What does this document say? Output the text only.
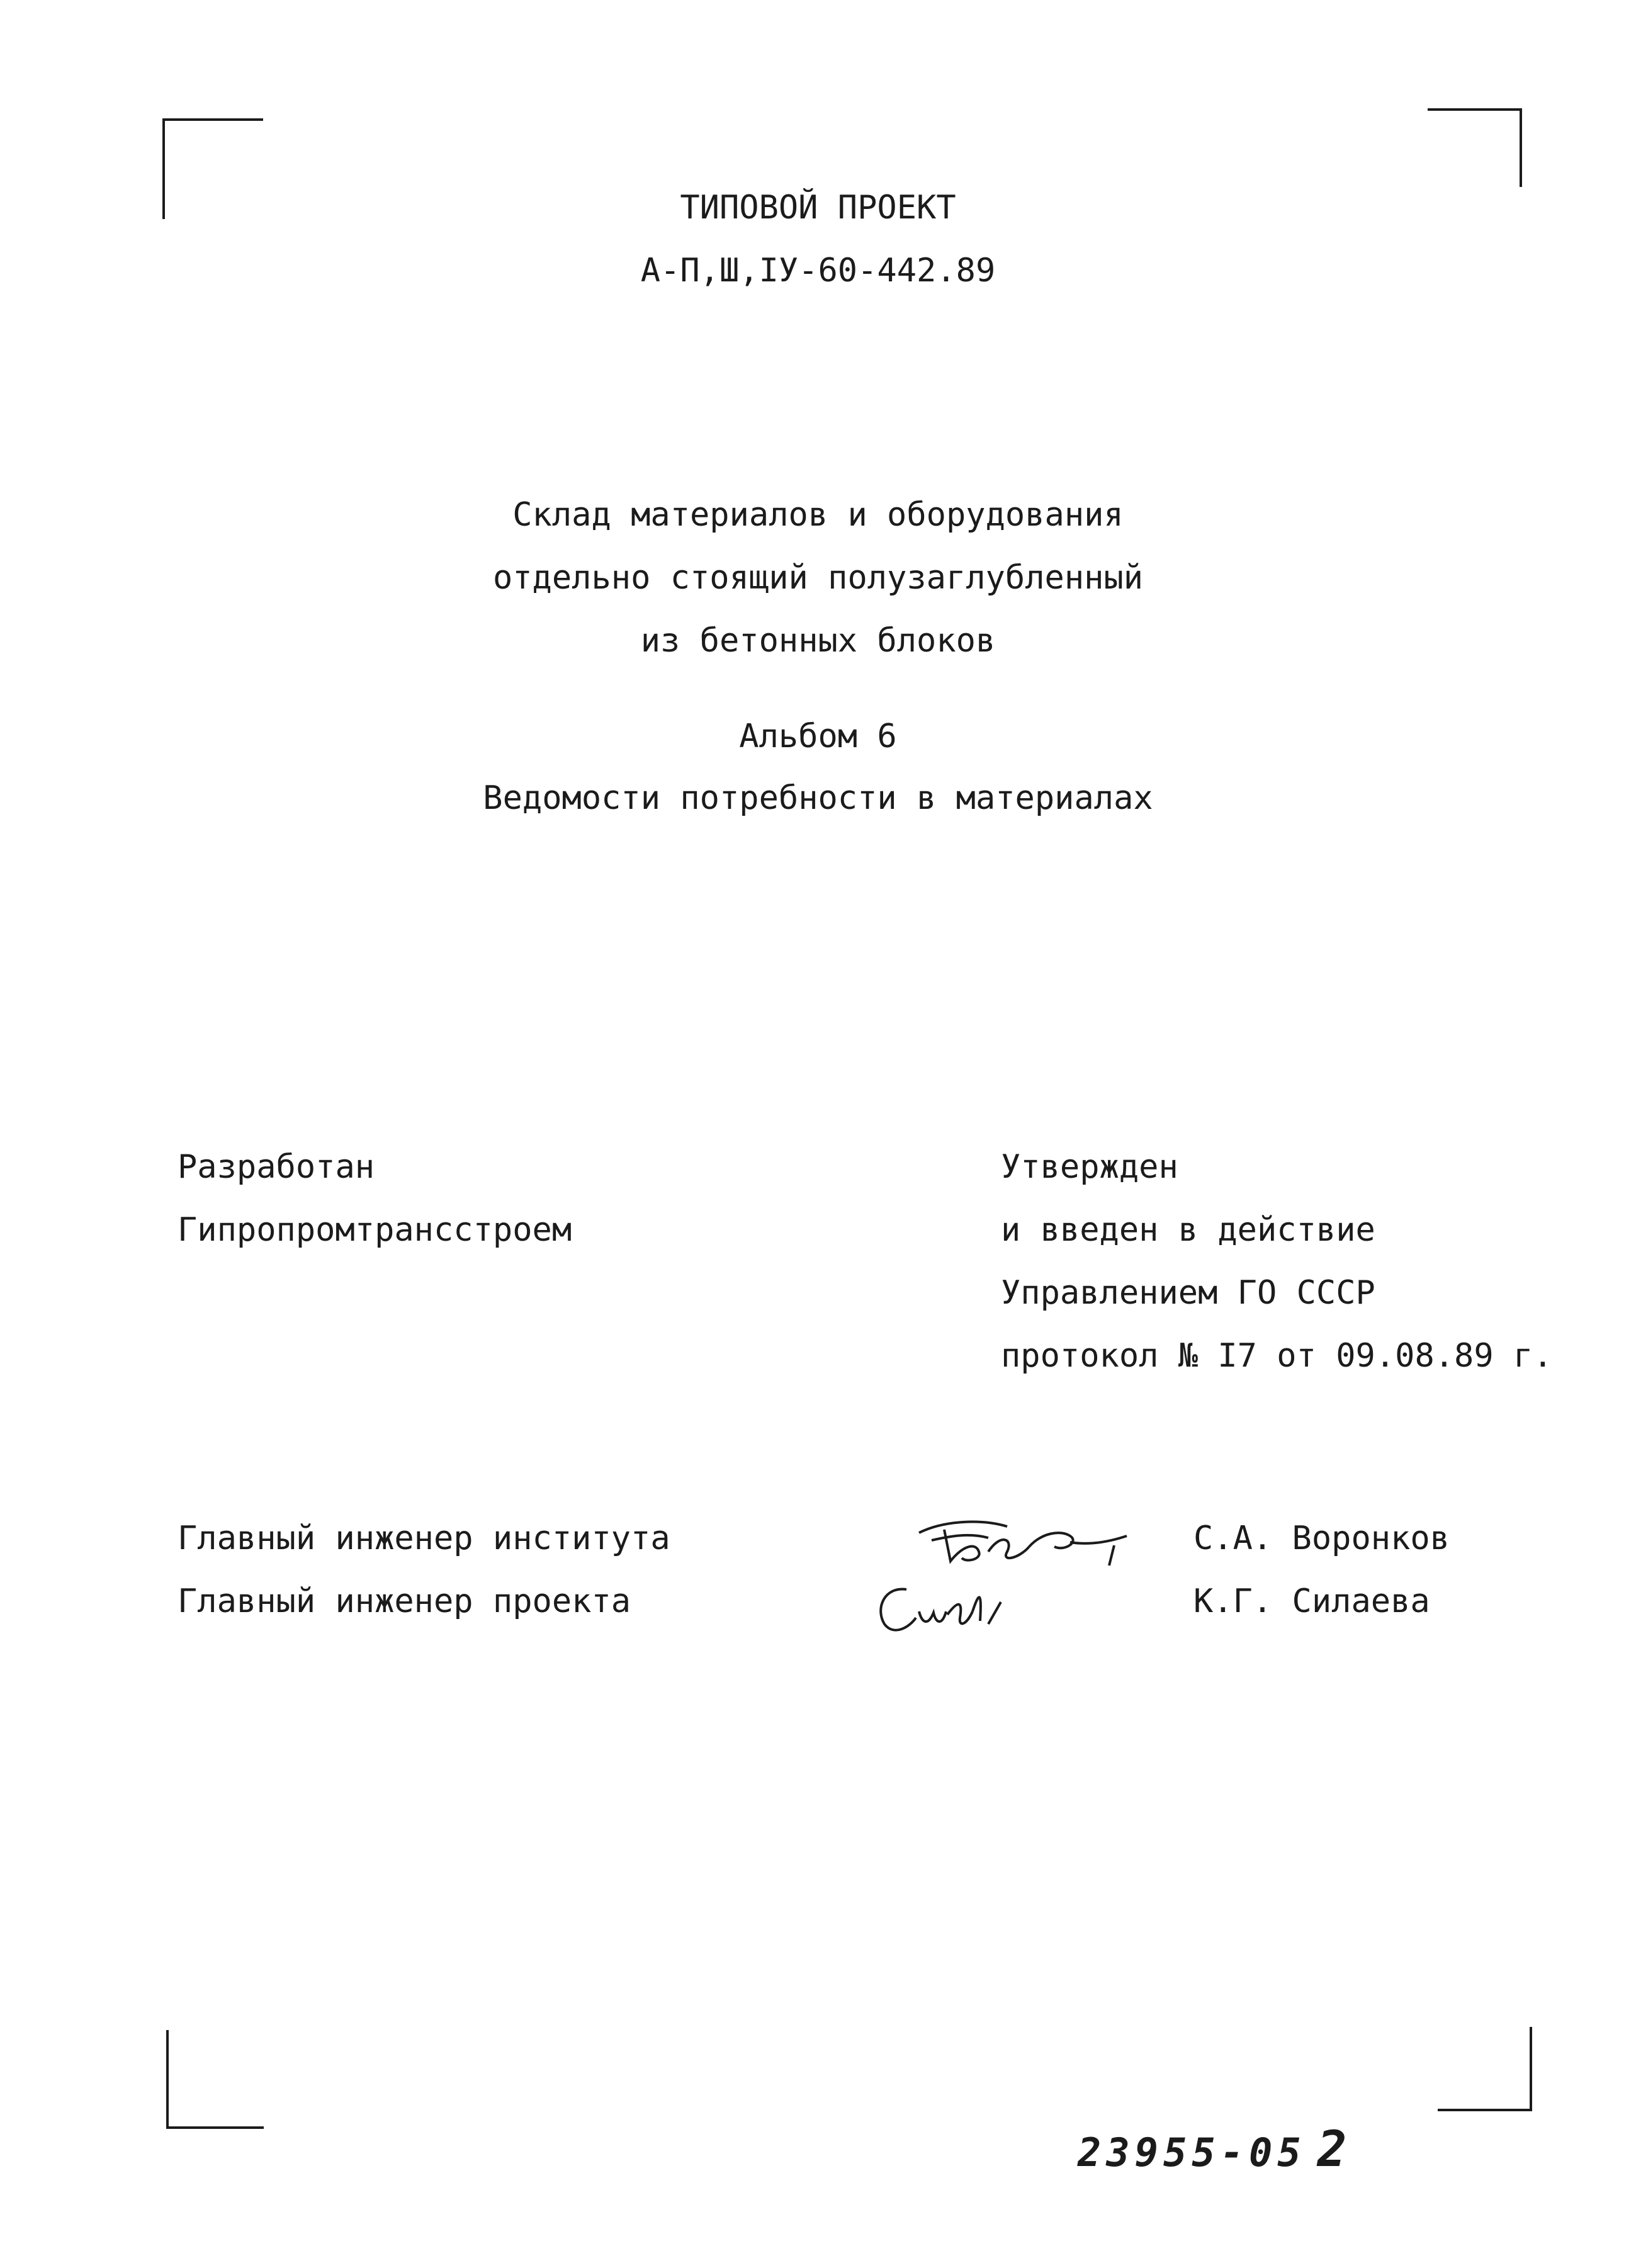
ТИПОВОЙ ПРОЕКТ
А-П,Ш,IУ-60-442.89
Склад материалов и оборудования
отдельно стоящий полузаглубленный
из бетонных блоков
Альбом 6
Ведомости потребности в материалах
Разработан
Гипропромтрансстроем
Утвержден
и введен в действие
Управлением ГО СССР
протокол № I7 от 09.08.89 г.
Главный инженер института	С.А. Воронков
Главный инженер проекта	К.Г. Силаева
23955-05 2
